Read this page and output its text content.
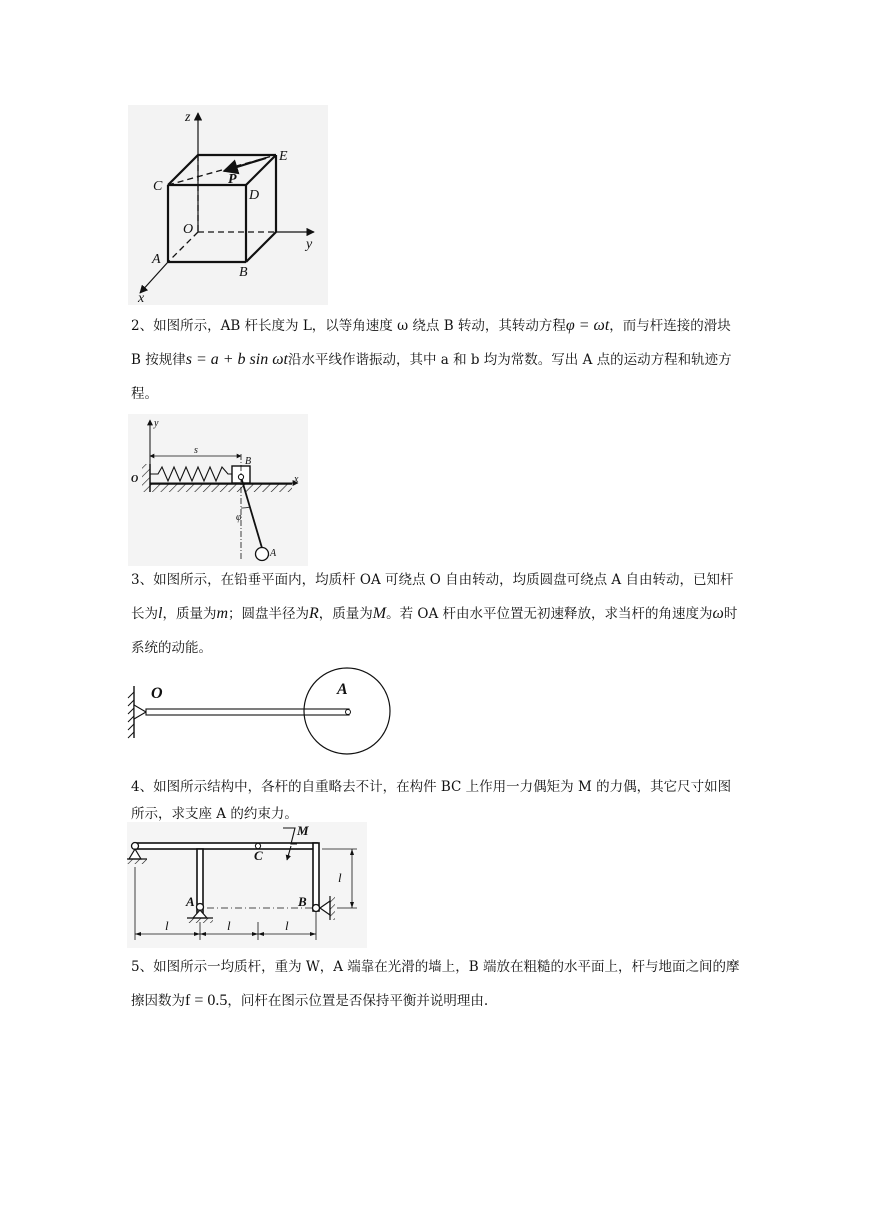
z
y
x
C
E
D
O
A
B
P

2、如图所示，AB 杆长度为 L，以等角速度 ω 绕点 B 转动，其转动方程φ = ωt，而与杆连接的滑块 B 按规律s = a + b sin ωt沿水平线作谐振动，其中 a 和 b 均为常数。写出 A 点的运动方程和轨迹方程。

y
x
O
B
s
φ
A

3、如图所示，在铅垂平面内，均质杆 OA 可绕点 O 自由转动，均质圆盘可绕点 A 自由转动，已知杆长为l，质量为m；圆盘半径为R，质量为M。若 OA 杆由水平位置无初速释放，求当杆的角速度为ω时系统的动能。

O	A

4、如图所示结构中，各杆的自重略去不计，在构件 BC 上作用一力偶矩为 M 的力偶，其它尺寸如图所示，求支座 A 的约束力。

M
C
A	B
l	l	l
l

5、如图所示一均质杆，重为 W，A 端靠在光滑的墙上，B 端放在粗糙的水平面上，杆与地面之间的摩擦因数为f = 0.5，问杆在图示位置是否保持平衡并说明理由.
